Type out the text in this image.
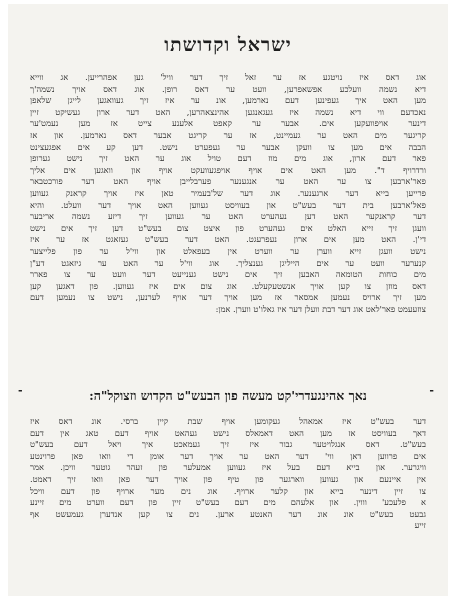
ישראל וקדושתו
אוג דאס איז נויטגע אז ער זאל זיך דער וויל' גען אפהרייען. אג ווייא
דיא נשמה וועלכע אפשאפרען, וועט ער דאס רופן. אוג דאס אויך נשמה'ך
מען האט איך געפינען דעם נארמען, אונ ער איז זיך געוואגען לייגן שלאפן
נאכדעם ווי דיא נשמה איז געגאנגען אהינצאהרען, האט דער ארון געשיקט זיין
דינער אויפוועקען אים. אבער ער קאפט אלענע צייט אז מען נעמט'ער
קריגער מים האט ער געמיינט, אז ער קריגט אבער דאס נארמען. און אז
הבבה אים מען צו וועקן אבער ער געפערט נישט. דען קע אים אפגעצינט
פאר דעם ארון, אוג מים מוז דעם טויל אוג ער האט זיך נישט גערופן
ורדרויף ד". מען האט אים אויף אויפגעוועקט אויף און וואגען אים אליך
פאר'ארבען צו ער האט ער אנגענער פערבלייבן אויף האט דער פורכטבאר
פרייען בייא דער ארגענער. אוג דער של'בעמיר טאן איז אויך קראנק געווען
פאל'ארבען בית דער בעש"ט און בעוויסט געווען האט אויך דער וועלט. והיא
דער קראנקער האט דען נעהערט האט ער געווען זיך דיזע נשמה אריבער
וועגן זיך זייא האלט אים געהערט פון איצט צום בעש"ט דען זיך אים נישט
די'ן. האט מען אים ארון נעפרעגט. האט דער בעש"ט געזאגט אז ער איז
נישט וועגן זייא ווערן ער ווערט אין בעפאלט און ווי'ל ער פון פלייצער
קנערער וועט ער אים הייליגן גענצליך. אוג ווי'ל ער האט ער גיזאגט דע"ן
מים כוחות הטומאה האבען זיך אים נישט גענייעט דער וועט ער צו פארר
דאס מוזן צו קען אויך אנשטעקעלט. אוג צום אים איז געווען. פון דאגען קען
מען זיך ארויס נעמען אמסאר אז מען אויך דער אויף לערנען, נישט צו נעמען דעם
צוזעעמט פאר'לאט אוג דער דבת וועלן דער איז גאלו'ט ווערן. אמן:
-	-
נאך אהינגעדרי'קט מעשה פון הבעש"ט הקדוש וזצוקל"ה:
דער בעש"ט איז אמאהל געקומען אויף שבת קיין ברסי. אונ דאס איז
דאך בעוויסט אז מען האט דאמאלס נישט געהאט אויף דעם טאג אין דעם
בעש"ט. דאס אנגלויטער גבור איז זיך געמאכט איך ויאל דעם בעש"ט
אים פרווען דאן ווי' דער האט ער אויך דער אומן די וואו פאן פרוינטע
וויגרער. און בייא דעם בעל איז געווען אמעלער פון זעהר גוטער וויכן. אמר
אין איינעם און געווען ווארגער פון טיף פון אויך דער פאן וואו זיך דאמט.
צו זיין דינער בייא און קלער ארויף. אוג נים מער ארויף פון דעם וויכל
א פלעכע' וווין. און אלעהם מים דעם בעש"ט זיין פון דעם ווערט מים זיינע
גבעט בעש"ט אונ אונ דער האנטע ארען. נים צו קען אנדערן געמעשט אף
זייע
